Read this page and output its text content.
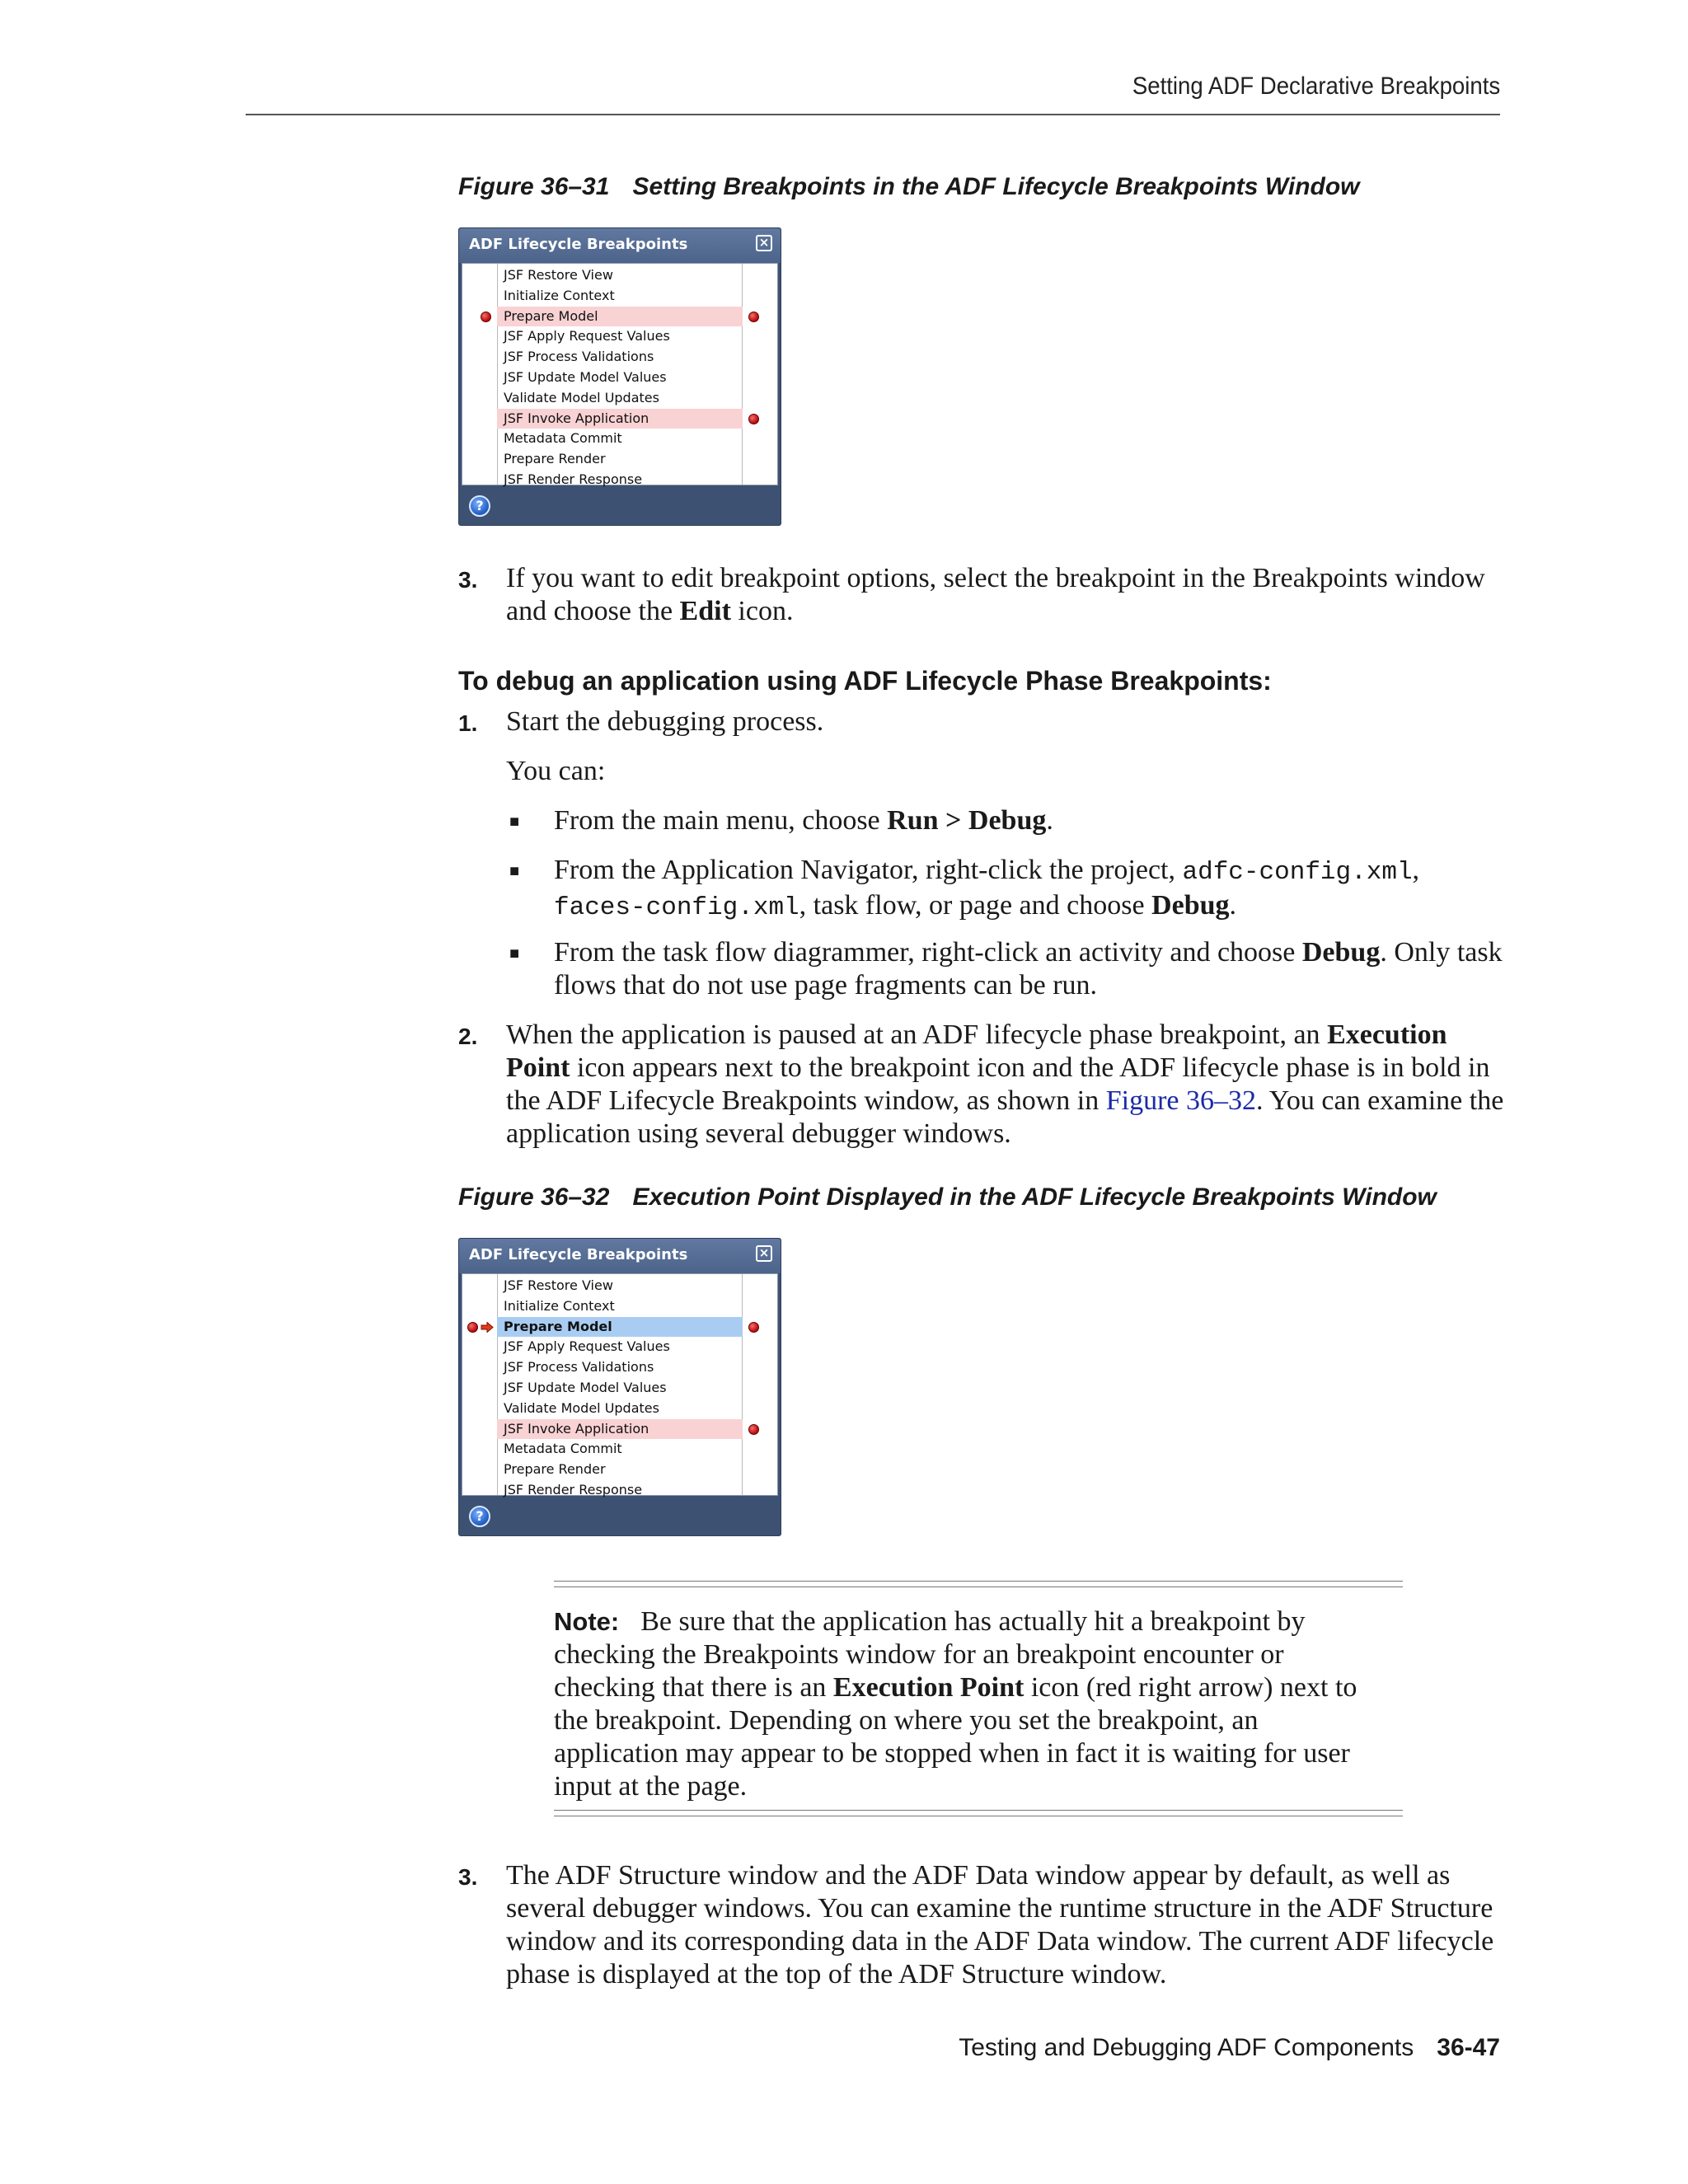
Setting ADF Declarative Breakpoints
Figure 36–31 Setting Breakpoints in the ADF Lifecycle Breakpoints Window
ADF Lifecycle Breakpoints	×
JSF Restore View
Initialize Context
Prepare Model
JSF Apply Request Values
JSF Process Validations
JSF Update Model Values
Validate Model Updates
JSF Invoke Application
Metadata Commit
Prepare Render
JSF Render Response
?
3. If you want to edit breakpoint options, select the breakpoint in the Breakpoints window and choose the Edit icon.
To debug an application using ADF Lifecycle Phase Breakpoints:
1. Start the debugging process.
You can:
■ From the main menu, choose Run > Debug.
■ From the Application Navigator, right-click the project, adfc-config.xml, faces-config.xml, task flow, or page and choose Debug.
■ From the task flow diagrammer, right-click an activity and choose Debug. Only task flows that do not use page fragments can be run.
2. When the application is paused at an ADF lifecycle phase breakpoint, an Execution Point icon appears next to the breakpoint icon and the ADF lifecycle phase is in bold in the ADF Lifecycle Breakpoints window, as shown in Figure 36–32. You can examine the application using several debugger windows.
Figure 36–32 Execution Point Displayed in the ADF Lifecycle Breakpoints Window
ADF Lifecycle Breakpoints	×
JSF Restore View
Initialize Context
Prepare Model
JSF Apply Request Values
JSF Process Validations
JSF Update Model Values
Validate Model Updates
JSF Invoke Application
Metadata Commit
Prepare Render
JSF Render Response
?
Note: Be sure that the application has actually hit a breakpoint by checking the Breakpoints window for an breakpoint encounter or checking that there is an Execution Point icon (red right arrow) next to the breakpoint. Depending on where you set the breakpoint, an application may appear to be stopped when in fact it is waiting for user input at the page.
3. The ADF Structure window and the ADF Data window appear by default, as well as several debugger windows. You can examine the runtime structure in the ADF Structure window and its corresponding data in the ADF Data window. The current ADF lifecycle phase is displayed at the top of the ADF Structure window.
Testing and Debugging ADF Components 36-47
